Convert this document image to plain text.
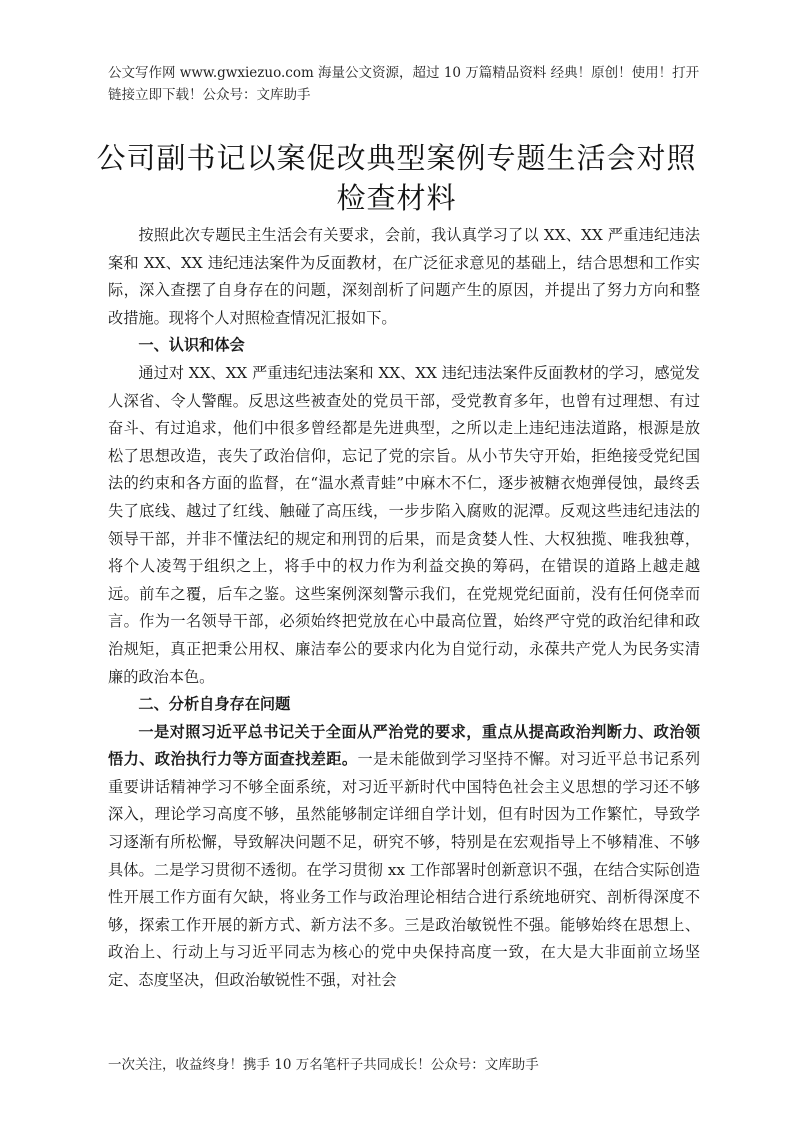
公文写作网 www.gwxiezuo.com 海量公文资源，超过 10 万篇精品资料 经典！原创！使用！打开链接立即下载！公众号：文库助手
公司副书记以案促改典型案例专题生活会对照检查材料

按照此次专题民主生活会有关要求，会前，我认真学习了以 XX、XX 严重违纪违法案和 XX、XX 违纪违法案件为反面教材，在广泛征求意见的基础上，结合思想和工作实际，深入查摆了自身存在的问题，深刻剖析了问题产生的原因，并提出了努力方向和整改措施。现将个人对照检查情况汇报如下。

一、认识和体会

通过对 XX、XX 严重违纪违法案和 XX、XX 违纪违法案件反面教材的学习，感觉发人深省、令人警醒。反思这些被查处的党员干部，受党教育多年，也曾有过理想、有过奋斗、有过追求，他们中很多曾经都是先进典型，之所以走上违纪违法道路，根源是放松了思想改造，丧失了政治信仰，忘记了党的宗旨。从小节失守开始，拒绝接受党纪国法的约束和各方面的监督，在“温水煮青蛙”中麻木不仁，逐步被糖衣炮弹侵蚀，最终丢失了底线、越过了红线、触碰了高压线，一步步陷入腐败的泥潭。反观这些违纪违法的领导干部，并非不懂法纪的规定和刑罚的后果，而是贪婪人性、大权独揽、唯我独尊，将个人凌驾于组织之上，将手中的权力作为利益交换的筹码，在错误的道路上越走越远。前车之覆，后车之鉴。这些案例深刻警示我们，在党规党纪面前，没有任何侥幸而言。作为一名领导干部，必须始终把党放在心中最高位置，始终严守党的政治纪律和政治规矩，真正把秉公用权、廉洁奉公的要求内化为自觉行动，永葆共产党人为民务实清廉的政治本色。

二、分析自身存在问题

一是对照习近平总书记关于全面从严治党的要求，重点从提高政治判断力、政治领悟力、政治执行力等方面查找差距。一是未能做到学习坚持不懈。对习近平总书记系列重要讲话精神学习不够全面系统，对习近平新时代中国特色社会主义思想的学习还不够深入，理论学习高度不够，虽然能够制定详细自学计划，但有时因为工作繁忙，导致学习逐渐有所松懈，导致解决问题不足，研究不够，特别是在宏观指导上不够精准、不够具体。二是学习贯彻不透彻。在学习贯彻 xx 工作部署时创新意识不强，在结合实际创造性开展工作方面有欠缺，将业务工作与政治理论相结合进行系统地研究、剖析得深度不够，探索工作开展的新方式、新方法不多。三是政治敏锐性不强。能够始终在思想上、政治上、行动上与习近平同志为核心的党中央保持高度一致，在大是大非面前立场坚定、态度坚决，但政治敏锐性不强，对社会

一次关注，收益终身！携手 10 万名笔杆子共同成长！公众号：文库助手
